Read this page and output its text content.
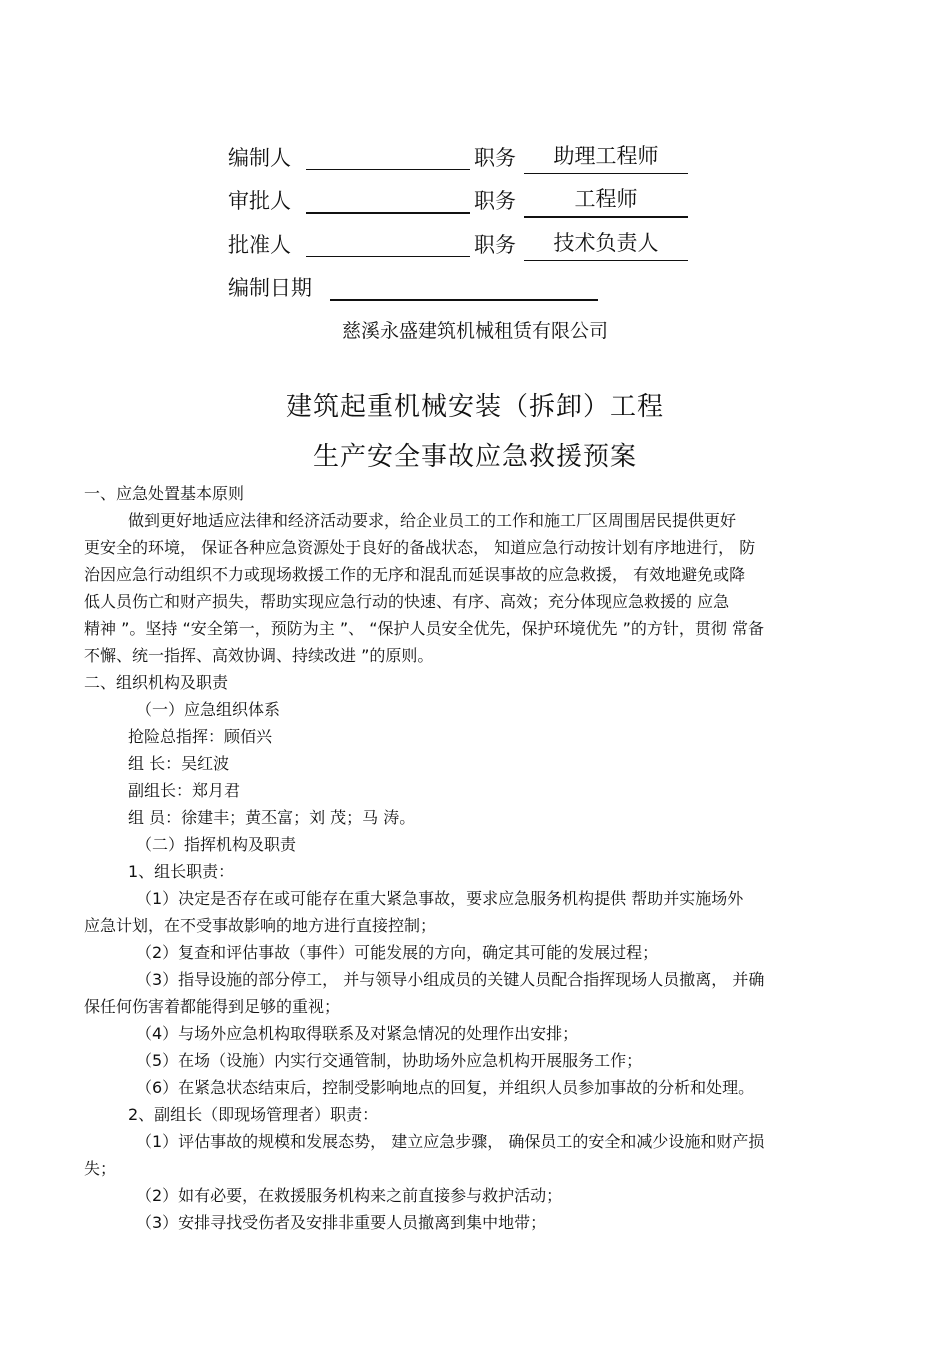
编制人	职务	助理工程师
审批人	职务	工程师
批准人	职务	技术负责人
编制日期
慈溪永盛建筑机械租赁有限公司
建筑起重机械安装（拆卸）工程
生产安全事故应急救援预案
一、应急处置基本原则
做到更好地适应法律和经济活动要求，给企业员工的工作和施工厂区周围居民提供更好
更安全的环境， 保证各种应急资源处于良好的备战状态， 知道应急行动按计划有序地进行， 防
治因应急行动组织不力或现场救援工作的无序和混乱而延误事故的应急救援， 有效地避免或降
低人员伤亡和财产损失，帮助实现应急行动的快速、有序、高效；充分体现应急救援的 应急
精神 ”。坚持 “安全第一，预防为主 ”、 “保护人员安全优先，保护环境优先 ”的方针，贯彻 常备
不懈、统一指挥、高效协调、持续改进 ”的原则。
二、组织机构及职责
（一）应急组织体系
抢险总指挥：顾佰兴
组 长：吴红波
副组长：郑月君
组 员：徐建丰；黄丕富；刘 茂；马 涛。
（二）指挥机构及职责
1、组长职责：
（1）决定是否存在或可能存在重大紧急事故，要求应急服务机构提供 帮助并实施场外
应急计划，在不受事故影响的地方进行直接控制；
（2）复查和评估事故（事件）可能发展的方向，确定其可能的发展过程；
（3）指导设施的部分停工， 并与领导小组成员的关键人员配合指挥现场人员撤离， 并确
保任何伤害着都能得到足够的重视；
（4）与场外应急机构取得联系及对紧急情况的处理作出安排；
（5）在场（设施）内实行交通管制，协助场外应急机构开展服务工作；
（6）在紧急状态结束后，控制受影响地点的回复，并组织人员参加事故的分析和处理。
2、副组长（即现场管理者）职责：
（1）评估事故的规模和发展态势， 建立应急步骤， 确保员工的安全和减少设施和财产损
失；
（2）如有必要，在救援服务机构来之前直接参与救护活动；
（3）安排寻找受伤者及安排非重要人员撤离到集中地带；
